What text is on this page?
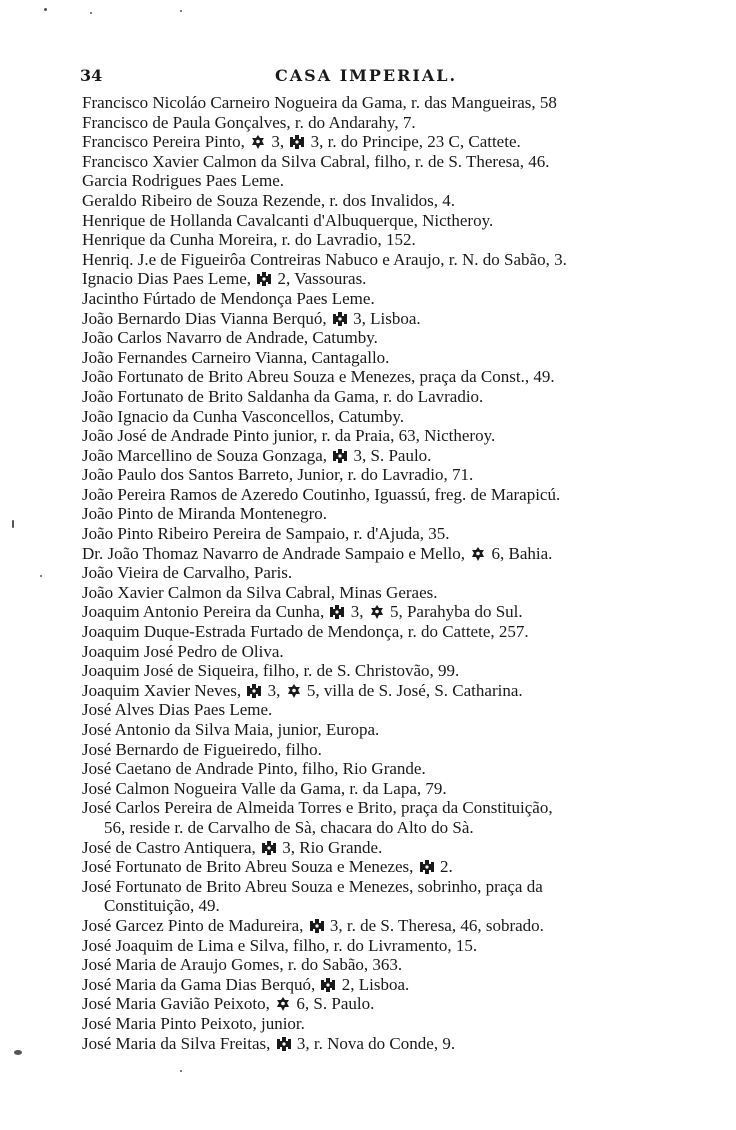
34	CASA IMPERIAL.
Francisco Nicoláo Carneiro Nogueira da Gama, r. das Mangueiras, 58
Francisco de Paula Gonçalves, r. do Andarahy, 7.
Francisco Pereira Pinto,  3,  3, r. do Principe, 23 C, Cattete.
Francisco Xavier Calmon da Silva Cabral, filho, r. de S. Theresa, 46.
Garcia Rodrigues Paes Leme.
Geraldo Ribeiro de Souza Rezende, r. dos Invalidos, 4.
Henrique de Hollanda Cavalcanti d'Albuquerque, Nictheroy.
Henrique da Cunha Moreira, r. do Lavradio, 152.
Henriq. J.e de Figueirôa Contreiras Nabuco e Araujo, r. N. do Sabão, 3.
Ignacio Dias Paes Leme,  2, Vassouras.
Jacintho Fúrtado de Mendonça Paes Leme.
João Bernardo Dias Vianna Berquó,  3, Lisboa.
João Carlos Navarro de Andrade, Catumby.
João Fernandes Carneiro Vianna, Cantagallo.
João Fortunato de Brito Abreu Souza e Menezes, praça da Const., 49.
João Fortunato de Brito Saldanha da Gama, r. do Lavradio.
João Ignacio da Cunha Vasconcellos, Catumby.
João José de Andrade Pinto junior, r. da Praia, 63, Nictheroy.
João Marcellino de Souza Gonzaga,  3, S. Paulo.
João Paulo dos Santos Barreto, Junior, r. do Lavradio, 71.
João Pereira Ramos de Azeredo Coutinho, Iguassú, freg. de Marapicú.
João Pinto de Miranda Montenegro.
João Pinto Ribeiro Pereira de Sampaio, r. d'Ajuda, 35.
Dr. João Thomaz Navarro de Andrade Sampaio e Mello,  6, Bahia.
João Vieira de Carvalho, Paris.
João Xavier Calmon da Silva Cabral, Minas Geraes.
Joaquim Antonio Pereira da Cunha,  3,  5, Parahyba do Sul.
Joaquim Duque-Estrada Furtado de Mendonça, r. do Cattete, 257.
Joaquim José Pedro de Oliva.
Joaquim José de Siqueira, filho, r. de S. Christovão, 99.
Joaquim Xavier Neves,  3,  5, villa de S. José, S. Catharina.
José Alves Dias Paes Leme.
José Antonio da Silva Maia, junior, Europa.
José Bernardo de Figueiredo, filho.
José Caetano de Andrade Pinto, filho, Rio Grande.
José Calmon Nogueira Valle da Gama, r. da Lapa, 79.
José Carlos Pereira de Almeida Torres e Brito, praça da Constituição,
56, reside r. de Carvalho de Sà, chacara do Alto do Sà.
José de Castro Antiquera,  3, Rio Grande.
José Fortunato de Brito Abreu Souza e Menezes,  2.
José Fortunato de Brito Abreu Souza e Menezes, sobrinho, praça da
Constituição, 49.
José Garcez Pinto de Madureira,  3, r. de S. Theresa, 46, sobrado.
José Joaquim de Lima e Silva, filho, r. do Livramento, 15.
José Maria de Araujo Gomes, r. do Sabão, 363.
José Maria da Gama Dias Berquó,  2, Lisboa.
José Maria Gavião Peixoto,  6, S. Paulo.
José Maria Pinto Peixoto, junior.
José Maria da Silva Freitas,  3, r. Nova do Conde, 9.
